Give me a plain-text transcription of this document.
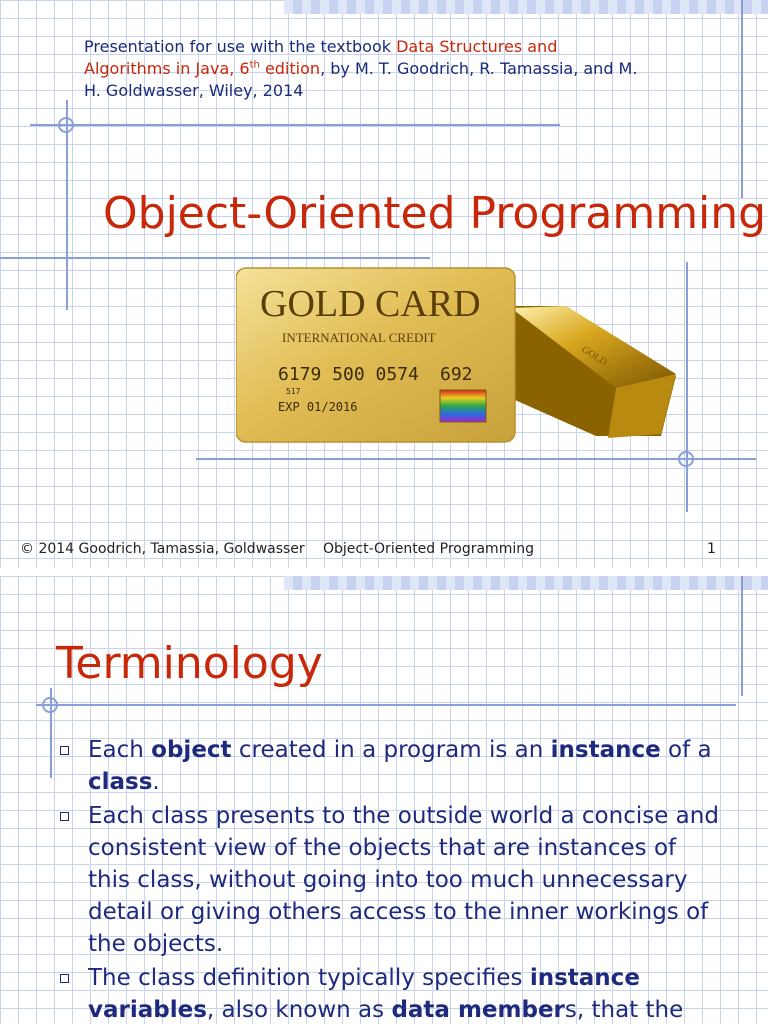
Presentation for use with the textbook Data Structures and Algorithms in Java, 6th edition, by M. T. Goodrich, R. Tamassia, and M. H. Goldwasser, Wiley, 2014
Object-Oriented Programming
GOLD
GOLD CARD
INTERNATIONAL CREDIT
6179 500 0574 692
517
EXP 01/2016
© 2014 Goodrich, Tamassia, Goldwasser Object-Oriented Programming	1
Terminology
Each object created in a program is an instance of a class.
Each class presents to the outside world a concise and consistent view of the objects that are instances of this class, without going into too much unnecessary detail or giving others access to the inner workings of the objects.
The class definition typically specifies instance variables, also known as data members, that the
